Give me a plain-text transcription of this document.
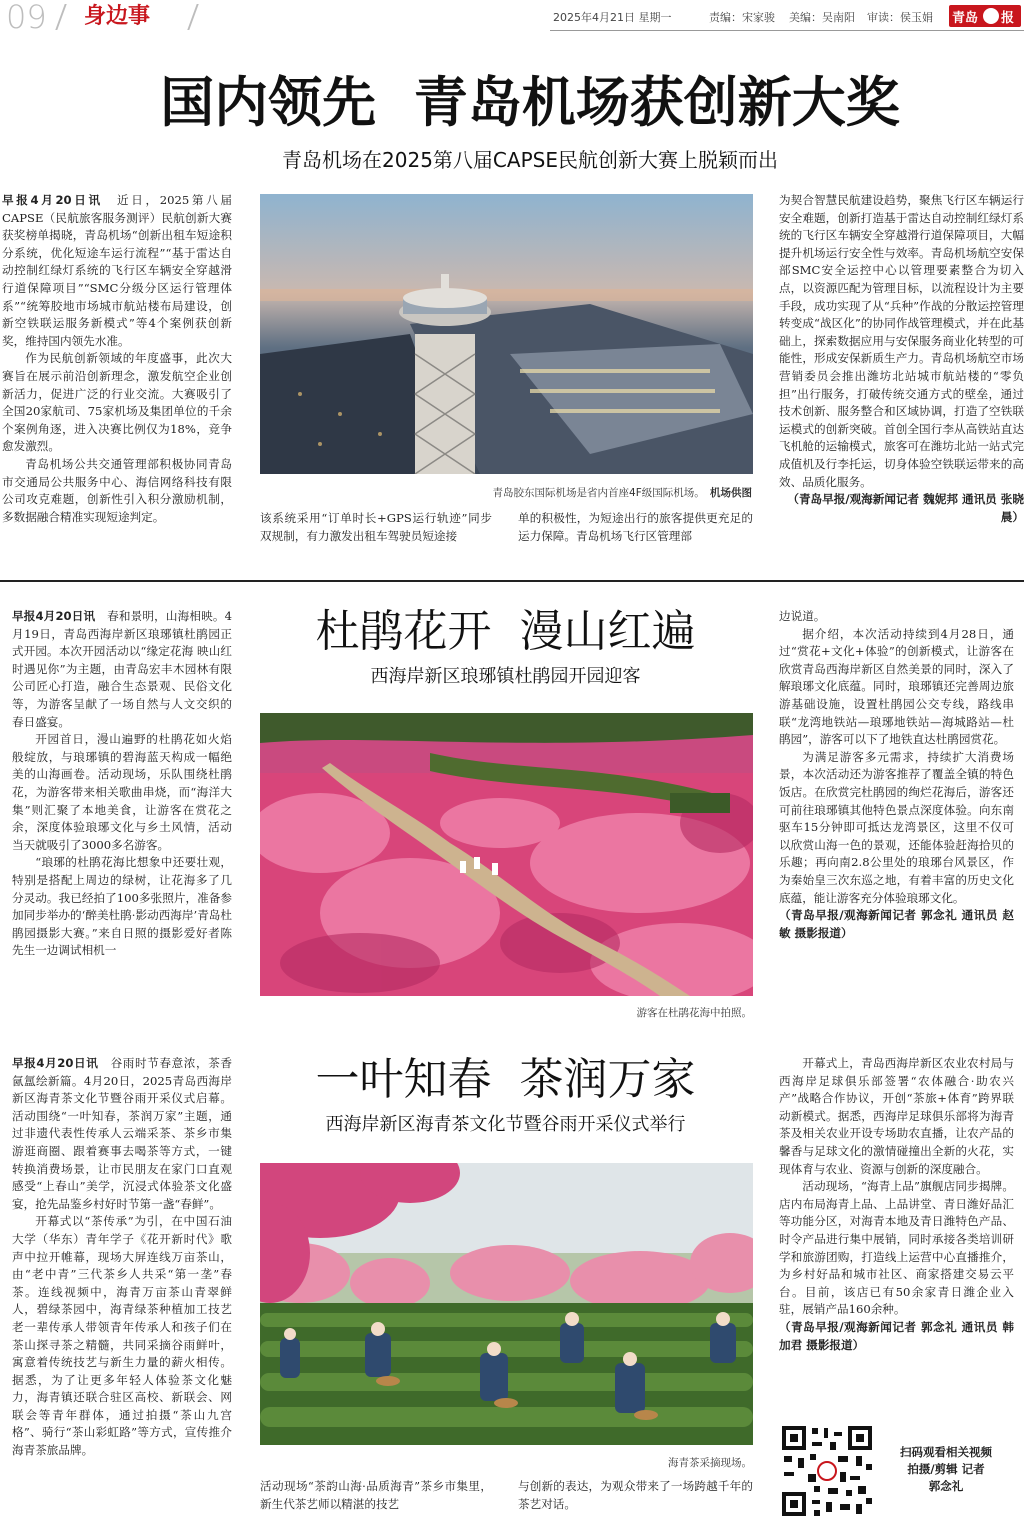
09 身边事	2025年4月21日 星期一	责编：宋家骏 美编：吴南阳 审读：侯玉娟 青岛 报
国内领先  青岛机场获创新大奖
青岛机场在2025第八届CAPSE民航创新大赛上脱颖而出

早报4月20日讯　 近日，2025第八届CAPSE（民航旅客服务测评）民航创新大赛获奖榜单揭晓，青岛机场“创新出租车短途积分系统，优化短途车运行流程”“基于雷达自动控制红绿灯系统的飞行区车辆安全穿越滑行道保障项目”“SMC分级分区运行管理体系”“统筹胶地市场城市航站楼布局建设，创新空铁联运服务新模式”等4个案例获创新奖，维持国内领先水准。

作为民航创新领域的年度盛事，此次大赛旨在展示前沿创新理念，激发航空企业创新活力，促进广泛的行业交流。大赛吸引了全国20家航司、75家机场及集团单位的千余个案例角逐，进入决赛比例仅为18%，竞争愈发激烈。

青岛机场公共交通管理部积极协同青岛市交通局公共服务中心、海信网络科技有限公司攻克难题，创新性引入积分激励机制，多数据融合精准实现短途判定。

青岛胶东国际机场是省内首座4F级国际机场。　 机场供图
该系统采用“订单时长+GPS运行轨迹”同步双规制，有力激发出租车驾驶员短途接
单的积极性，为短途出行的旅客提供更充足的运力保障。青岛机场飞行区管理部

为契合智慧民航建设趋势，聚焦飞行区车辆运行安全难题，创新打造基于雷达自动控制红绿灯系统的飞行区车辆安全穿越滑行道保障项目，大幅提升机场运行安全性与效率。青岛机场航空安保部SMC安全运控中心以管理要素整合为切入点，以资源匹配为管理目标，以流程设计为主要手段，成功实现了从“兵种”作战的分散运控管理转变成“战区化”的协同作战管理模式，并在此基础上，探索数据应用与安保服务商业化转型的可能性，形成安保新质生产力。青岛机场航空市场营销委员会推出潍坊北站城市航站楼的“零负担”出行服务，打破传统交通方式的壁垒，通过技术创新、服务整合和区域协调，打造了空铁联运模式的创新突破。首创全国行李从高铁站直达飞机舱的运输模式，旅客可在潍坊北站一站式完成值机及行李托运，切身体验空铁联运带来的高效、品质化服务。

（青岛早报/观海新闻记者 魏妮邦 通讯员 张晓晨）

早报4月20日讯　 春和景明，山海相映。4月19日，青岛西海岸新区琅琊镇杜鹃园正式开园。本次开园活动以“缘定花海 映山红时遇见你”为主题，由青岛宏丰木园林有限公司匠心打造，融合生态景观、民俗文化等，为游客呈献了一场自然与人文交织的春日盛宴。

开园首日，漫山遍野的杜鹃花如火焰般绽放，与琅琊镇的碧海蓝天构成一幅绝美的山海画卷。活动现场，乐队围绕杜鹃花，为游客带来相关歌曲串烧，而“海洋大集”则汇聚了本地美食，让游客在赏花之余，深度体验琅琊文化与乡土风情，活动当天就吸引了3000多名游客。

“琅琊的杜鹃花海比想象中还要壮观，特别是搭配上周边的绿树，让花海多了几分灵动。我已经拍了100多张照片，准备参加同步举办的‘醉美杜鹃·影动西海岸’青岛杜鹃园摄影大赛。”来自日照的摄影爱好者陈先生一边调试相机一

杜鹃花开  漫山红遍
西海岸新区琅琊镇杜鹃园开园迎客
游客在杜鹃花海中拍照。

边说道。

据介绍，本次活动持续到4月28日，通过“赏花+文化+体验”的创新模式，让游客在欣赏青岛西海岸新区自然美景的同时，深入了解琅琊文化底蕴。同时，琅琊镇还完善周边旅游基础设施，设置杜鹃园公交专线，路线串联“龙湾地铁站—琅琊地铁站—海城路站—杜鹃园”，游客可以下了地铁直达杜鹃园赏花。

为满足游客多元需求，持续扩大消费场景，本次活动还为游客推荐了覆盖全镇的特色饭店。在欣赏完杜鹃园的绚烂花海后，游客还可前往琅琊镇其他特色景点深度体验。向东南驱车15分钟即可抵达龙湾景区，这里不仅可以欣赏山海一色的景观，还能体验赶海拾贝的乐趣；再向南2.8公里处的琅琊台风景区，作为秦始皇三次东巡之地，有着丰富的历史文化底蕴，能让游客充分体验琅琊文化。

（青岛早报/观海新闻记者 郭念礼 通讯员 赵敏 摄影报道）

早报4月20日讯　 谷雨时节春意浓，茶香氤氲绘新篇。4月20日，2025青岛西海岸新区海青茶文化节暨谷雨开采仪式启幕。活动围绕“一叶知春，茶润万家”主题，通过非遗代表性传承人云端采茶、茶乡市集游逛商圈、跟着赛事去喝茶等方式，一键转换消费场景，让市民朋友在家门口直观感受“上春山”美学，沉浸式体验茶文化盛宴，抢先品鉴乡村好时节第一盏“春鲜”。

开幕式以“茶传承”为引，在中国石油大学（华东）青年学子《花开新时代》歌声中拉开帷幕，现场大屏连线万亩茶山，由“老中青”三代茶乡人共采“第一垄”春茶。连线视频中，海青万亩茶山青翠鲜人，碧绿茶园中，海青绿茶种植加工技艺老一辈传承人带领青年传承人和孩子们在茶山探寻茶之精髓，共同采摘谷雨鲜叶，寓意着传统技艺与新生力量的薪火相传。据悉，为了让更多年轻人体验茶文化魅力，海青镇还联合驻区高校、新联会、网联会等青年群体，通过拍摄“茶山九宫格”、骑行“茶山彩虹路”等方式，宣传推介海青茶旅品牌。

一叶知春  茶润万家
西海岸新区海青茶文化节暨谷雨开采仪式举行
海青茶采摘现场。
活动现场“茶韵山海·品质海青”茶乡市集里，新生代茶艺师以精湛的技艺
与创新的表达，为观众带来了一场跨越千年的茶艺对话。

开幕式上，青岛西海岸新区农业农村局与西海岸足球俱乐部签署“农体融合·助农兴产”战略合作协议，开创“茶旅+体育”跨界联动新模式。据悉，西海岸足球俱乐部将为海青茶及相关农业开设专场助农直播，让农产品的馨香与足球文化的激情碰撞出全新的火花，实现体育与农业、资源与创新的深度融合。

活动现场，“海青上品”旗舰店同步揭牌。店内布局海青上品、上品讲堂、青日潍好品汇等功能分区，对海青本地及青日潍特色产品、时令产品进行集中展销，同时承接各类培训研学和旅游团购，打造线上运营中心直播推介，为乡村好品和城市社区、商家搭建交易云平台。目前，该店已有50余家青日潍企业入驻，展销产品160余种。

（青岛早报/观海新闻记者 郭念礼 通讯员 韩加君 摄影报道）

扫码观看相关视频
拍摄/剪辑 记者
郭念礼
